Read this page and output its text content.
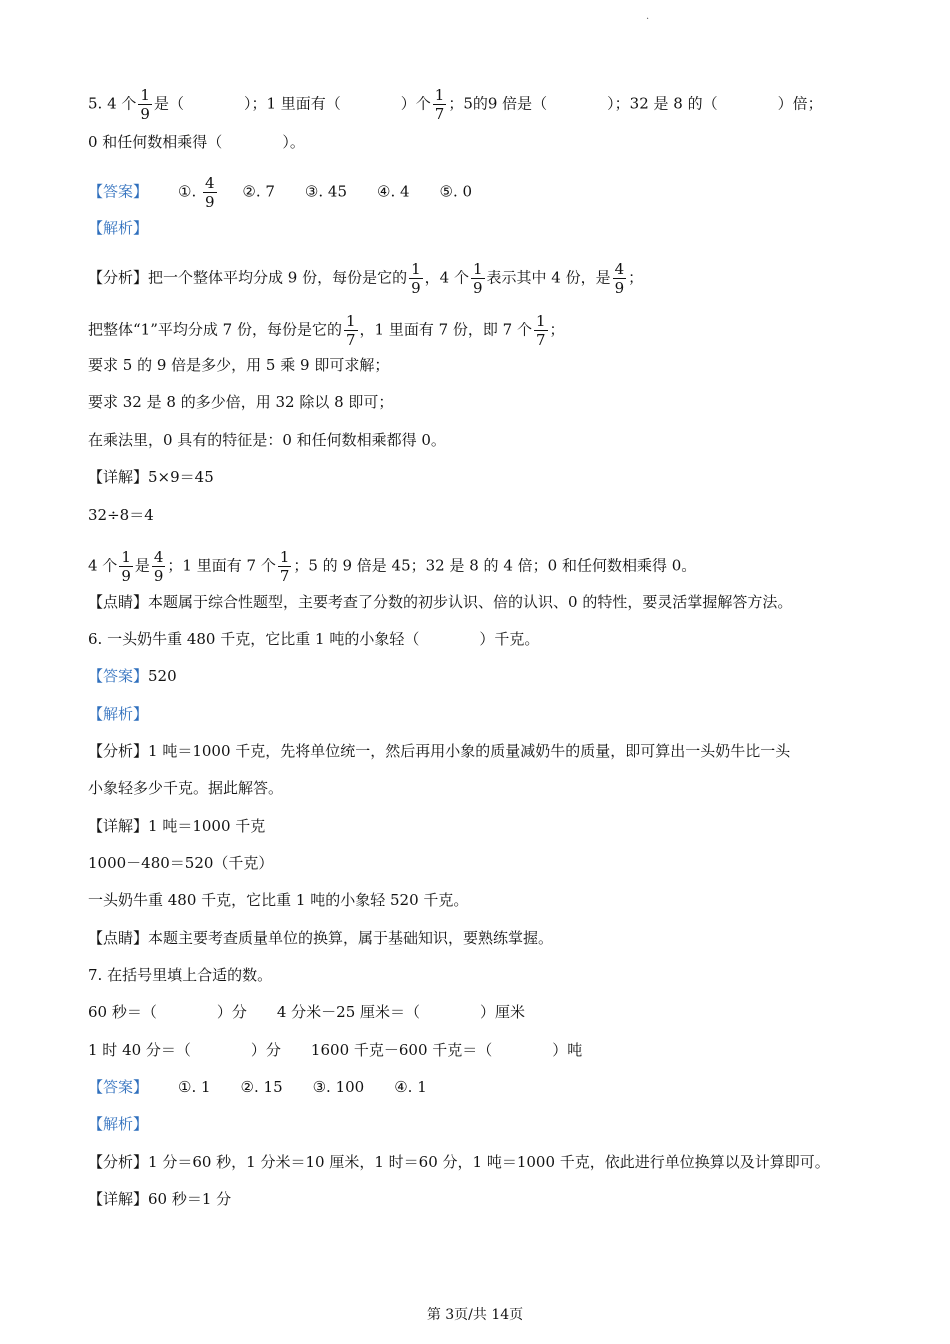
·
5. 4 个 $\frac{1}{9}$ 是（　　　　）；1 里面有（　　　　）个 $\frac{1}{7}$ ；5的9 倍是（　　　　）；32 是 8 的（　　　　）倍；
0 和任何数相乘得（　　　　）。
【答案】 ①. $\frac{4}{9}$ ②. 7　　③. 45　　④. 4　　⑤. 0
【解析】
【分析】把一个整体平均分成 9 份，每份是它的 $\frac{1}{9}$ ，4 个 $\frac{1}{9}$ 表示其中 4 份，是 $\frac{4}{9}$ ；
把整体“1”平均分成 7 份，每份是它的 $\frac{1}{7}$ ，1 里面有 7 份，即 7 个 $\frac{1}{7}$ ；
要求 5 的 9 倍是多少，用 5 乘 9 即可求解；
要求 32 是 8 的多少倍，用 32 除以 8 即可；
在乘法里，0 具有的特征是：0 和任何数相乘都得 0。
【详解】5×9＝45
32÷8＝4
4 个 $\frac{1}{9}$ 是 $\frac{4}{9}$ ；1 里面有 7 个 $\frac{1}{7}$ ；5 的 9 倍是 45；32 是 8 的 4 倍；0 和任何数相乘得 0。
【点睛】本题属于综合性题型，主要考查了分数的初步认识、倍的认识、0 的特性，要灵活掌握解答方法。
6. 一头奶牛重 480 千克，它比重 1 吨的小象轻（　　　　）千克。
【答案】520
【解析】
【分析】1 吨＝1000 千克，先将单位统一，然后再用小象的质量减奶牛的质量，即可算出一头奶牛比一头
小象轻多少千克。据此解答。
【详解】1 吨＝1000 千克
1000－480＝520（千克）
一头奶牛重 480 千克，它比重 1 吨的小象轻 520 千克。
【点睛】本题主要考查质量单位的换算，属于基础知识，要熟练掌握。
7. 在括号里填上合适的数。
60 秒＝（　　　　）分　　4 分米－25 厘米＝（　　　　）厘米
1 时 40 分＝（　　　　）分　　1600 千克－600 千克＝（　　　　）吨
【答案】 ①. 1　　②. 15　　③. 100　　④. 1
【解析】
【分析】1 分＝60 秒，1 分米＝10 厘米，1 时＝60 分，1 吨＝1000 千克，依此进行单位换算以及计算即可。
【详解】60 秒＝1 分
第 3页/共 14页
